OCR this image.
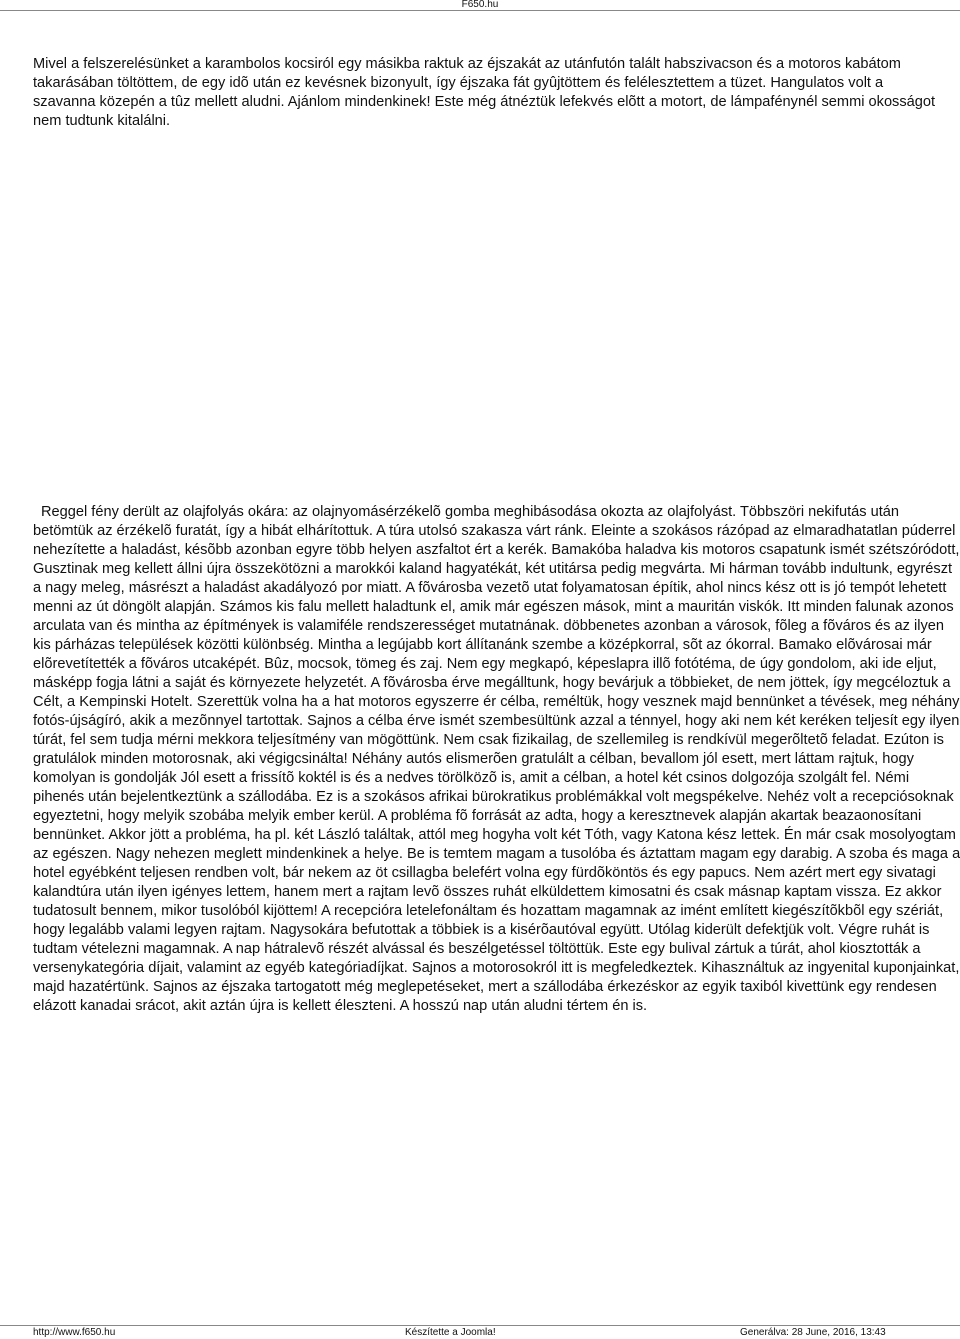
F650.hu

Mivel a felszerelésünket a karambolos kocsiról egy másikba raktuk az éjszakát az utánfutón talált habszivacson és a motoros kabátom takarásában töltöttem, de egy idõ után ez kevésnek bizonyult, így éjszaka fát gyûjtöttem és felélesztettem a tüzet. Hangulatos volt a szavanna közepén a tûz mellett aludni. Ajánlom mindenkinek! Este még átnéztük lefekvés elõtt a motort, de lámpafénynél semmi okosságot nem tudtunk kitalálni.

Reggel fény derült az olajfolyás okára: az olajnyomásérzékelõ gomba meghibásodása okozta az olajfolyást. Többszöri nekifutás után betömtük az érzékelõ furatát, így a hibát elhárítottuk. A túra utolsó szakasza várt ránk. Eleinte a szokásos rázópad az elmaradhatatlan púderrel nehezítette a haladást, késõbb azonban egyre több helyen aszfaltot ért a kerék. Bamakóba haladva kis motoros csapatunk ismét szétszóródott, Gusztinak meg kellett állni újra összekötözni a marokkói kaland hagyatékát, két utitársa pedig megvárta. Mi hárman tovább indultunk, egyrészt a nagy meleg, másrészt a haladást akadályozó por miatt. A fõvárosba vezetõ utat folyamatosan építik, ahol nincs kész ott is jó tempót lehetett menni az út döngölt alapján. Számos kis falu mellett haladtunk el, amik már egészen mások, mint a mauritán viskók. Itt minden falunak azonos arculata van és mintha az építmények is valamiféle rendszerességet mutatnának. döbbenetes azonban a városok, fõleg a fõváros és az ilyen kis párházas települések közötti különbség. Mintha a legújabb kort állítanánk szembe a középkorral, sõt az ókorral. Bamako elõvárosai már elõrevetítették a fõváros utcaképét. Bûz, mocsok, tömeg és zaj. Nem egy megkapó, képeslapra illõ fotótéma, de úgy gondolom, aki ide eljut, másképp fogja látni a saját és környezete helyzetét. A fõvárosba érve megálltunk, hogy bevárjuk a többieket, de nem jöttek, így megcéloztuk a Célt, a Kempinski Hotelt. Szerettük volna ha a hat motoros egyszerre ér célba, reméltük, hogy vesznek majd bennünket a tévések, meg néhány fotós-újságíró, akik a mezõnnyel tartottak. Sajnos a célba érve ismét szembesültünk azzal a ténnyel, hogy aki nem két keréken teljesít egy ilyen túrát, fel sem tudja mérni mekkora teljesítmény van mögöttünk. Nem csak fizikailag, de szellemileg is rendkívül megerõltetõ feladat. Ezúton is gratulálok minden motorosnak, aki végigcsinálta! Néhány autós elismerõen gratulált a célban, bevallom jól esett, mert láttam rajtuk, hogy komolyan is gondolják Jól esett a frissítõ koktél is és a nedves törölközõ is, amit a célban, a hotel két csinos dolgozója szolgált fel. Némi pihenés után bejelentkeztünk a szállodába. Ez is a szokásos afrikai bürokratikus problémákkal volt megspékelve. Nehéz volt a recepciósoknak egyeztetni, hogy melyik szobába melyik ember kerül. A probléma fõ forrását az adta, hogy a keresztnevek alapján akartak beazaonosítani bennünket. Akkor jött a probléma, ha pl. két László találtak, attól meg hogyha volt két Tóth, vagy Katona kész lettek. Én már csak mosolyogtam az egészen. Nagy nehezen meglett mindenkinek a helye. Be is temtem magam a tusolóba és áztattam magam egy darabig. A szoba és maga a hotel egyébként teljesen rendben volt, bár nekem az öt csillagba belefért volna egy fürdõköntös és egy papucs. Nem azért mert egy sivatagi kalandtúra után ilyen igényes lettem, hanem mert a rajtam levõ összes ruhát elküldettem kimosatni és csak másnap kaptam vissza. Ez akkor tudatosult bennem, mikor tusolóból kijöttem! A recepcióra letelefonáltam és hozattam magamnak az imént említett kiegészítõkbõl egy szériát, hogy legalább valami legyen rajtam. Nagysokára befutottak a többiek is a kisérõautóval együtt. Utólag kiderült defektjük volt. Végre ruhát is tudtam vételezni magamnak. A nap hátralevõ részét alvással és beszélgetéssel töltöttük. Este egy bulival zártuk a túrát, ahol kiosztották a versenykategória díjait, valamint az egyéb kategóriadíjkat. Sajnos a motorosokról itt is megfeledkeztek. Kihasználtuk az ingyenital kuponjainkat, majd hazatértünk. Sajnos az éjszaka tartogatott még meglepetéseket, mert a szállodába érkezéskor az egyik taxiból kivettünk egy rendesen elázott kanadai srácot, akit aztán újra is kellett éleszteni. A hosszú nap után aludni tértem én is.

http://www.f650.hu	Készítette a Joomla!	Generálva: 28 June, 2016, 13:43
